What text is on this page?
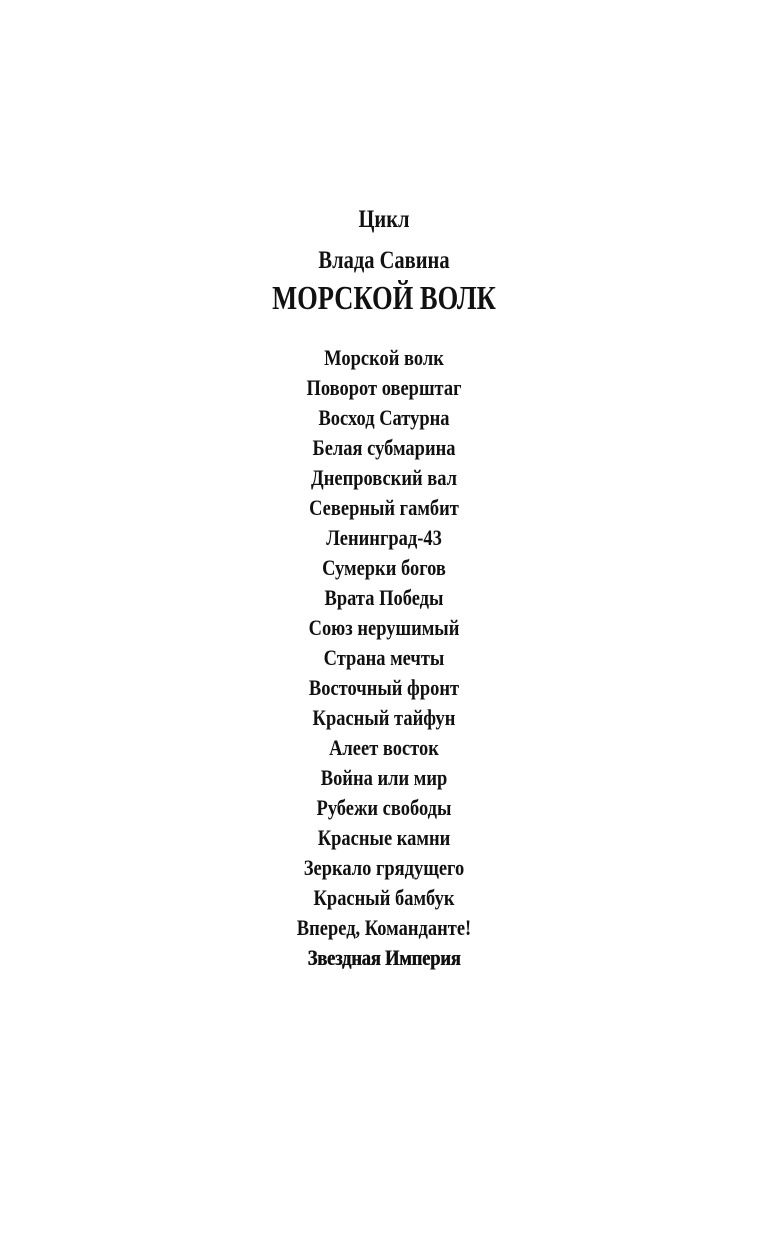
Цикл
Влада Савина
МОРСКОЙ ВОЛК
Морской волк
Поворот оверштаг
Восход Сатурна
Белая субмарина
Днепровский вал
Северный гамбит
Ленинград-43
Сумерки богов
Врата Победы
Союз нерушимый
Страна мечты
Восточный фронт
Красный тайфун
Алеет восток
Война или мир
Рубежи свободы
Красные камни
Зеркало грядущего
Красный бамбук
Вперед, Команданте!
Звездная Империя
